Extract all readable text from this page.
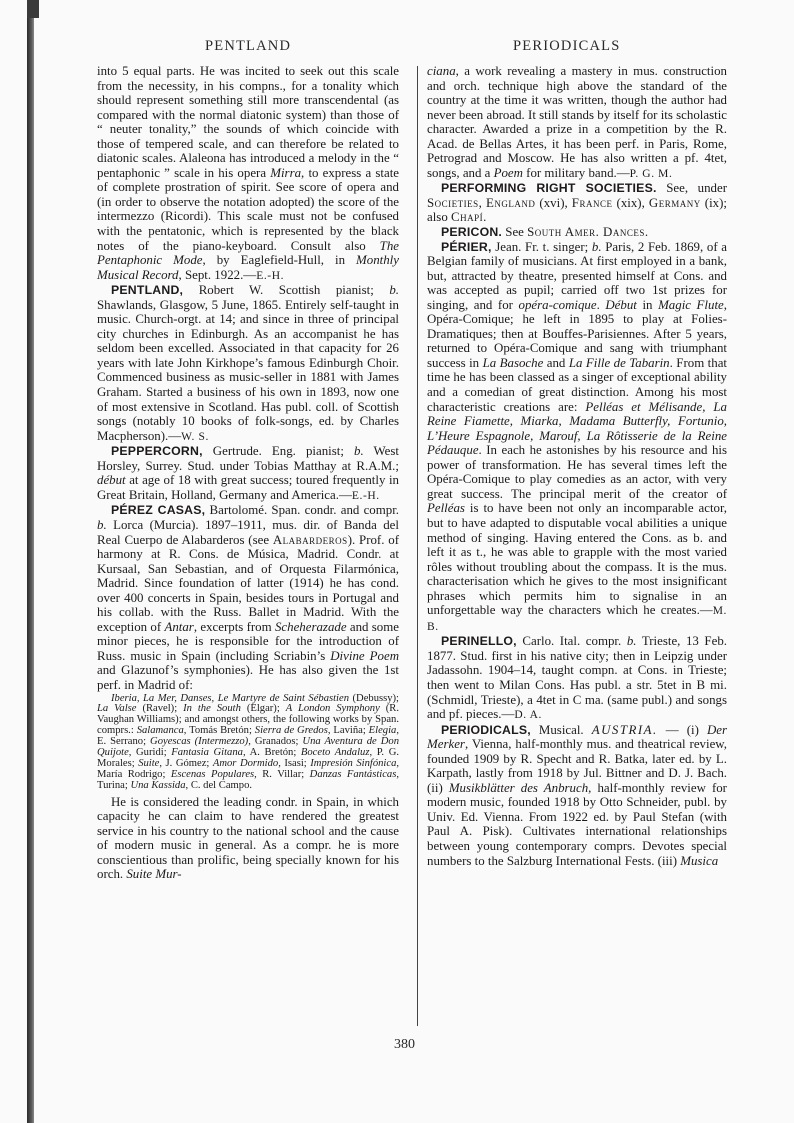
PENTLAND	PERIODICALS

into 5 equal parts. He was incited to seek out this scale from the necessity, in his compns., for a tonality which should represent something still more transcendental (as compared with the normal diatonic system) than those of “ neuter tonality,” the sounds of which coincide with those of tempered scale, and can therefore be related to diatonic scales. Alaleona has introduced a melody in the “ pentaphonic ” scale in his opera Mirra, to express a state of complete prostration of spirit. See score of opera and (in order to observe the notation adopted) the score of the intermezzo (Ricordi). This scale must not be confused with the pentatonic, which is represented by the black notes of the piano-keyboard. Consult also The Pentaphonic Mode, by Eaglefield-Hull, in Monthly Musical Record, Sept. 1922.—E.-H.

PENTLAND, Robert W. Scottish pianist; b. Shawlands, Glasgow, 5 June, 1865. Entirely self-taught in music. Church-orgt. at 14; and since in three of principal city churches in Edinburgh. As an accompanist he has seldom been excelled. Associated in that capacity for 26 years with late John Kirkhope’s famous Edinburgh Choir. Commenced business as music-seller in 1881 with James Graham. Started a business of his own in 1893, now one of most extensive in Scotland. Has publ. coll. of Scottish songs (notably 10 books of folk-songs, ed. by Charles Macpherson).—W. S.

PEPPERCORN, Gertrude. Eng. pianist; b. West Horsley, Surrey. Stud. under Tobias Matthay at R.A.M.; début at age of 18 with great success; toured frequently in Great Britain, Holland, Germany and America.—E.-H.

PÉREZ CASAS, Bartolomé. Span. condr. and compr. b. Lorca (Murcia). 1897–1911, mus. dir. of Banda del Real Cuerpo de Alabarderos (see Alabarderos). Prof. of harmony at R. Cons. de Música, Madrid. Condr. at Kursaal, San Sebastian, and of Orquesta Filarmónica, Madrid. Since foundation of latter (1914) he has cond. over 400 concerts in Spain, besides tours in Portugal and his collab. with the Russ. Ballet in Madrid. With the exception of Antar, excerpts from Scheherazade and some minor pieces, he is responsible for the introduction of Russ. music in Spain (including Scriabin’s Divine Poem and Glazunof’s symphonies). He has also given the 1st perf. in Madrid of:

Iberia, La Mer, Danses, Le Martyre de Saint Sébastien (Debussy); La Valse (Ravel); In the South (Elgar); A London Symphony (R. Vaughan Williams); and amongst others, the following works by Span. comprs.: Salamanca, Tomás Bretón; Sierra de Gredos, Laviña; Elegia, E. Serrano; Goyescas (Intermezzo), Granados; Una Aventura de Don Quijote, Guridi; Fantasia Gitana, A. Bretón; Boceto Andaluz, P. G. Morales; Suite, J. Gómez; Amor Dormido, Isasi; Impresión Sinfónica, María Rodrigo; Escenas Populares, R. Villar; Danzas Fantásticas, Turina; Una Kassida, C. del Campo.

He is considered the leading condr. in Spain, in which capacity he can claim to have rendered the greatest service in his country to the national school and the cause of modern music in general. As a compr. he is more conscientious than prolific, being specially known for his orch. Suite Mur-

ciana, a work revealing a mastery in mus. construction and orch. technique high above the standard of the country at the time it was written, though the author had never been abroad. It still stands by itself for its scholastic character. Awarded a prize in a competition by the R. Acad. de Bellas Artes, it has been perf. in Paris, Rome, Petrograd and Moscow. He has also written a pf. 4tet, songs, and a Poem for military band.—P. G. M.

PERFORMING RIGHT SOCIETIES. See, under Societies, England (xvi), France (xix), Germany (ix); also Chapí.

PERICON. See South Amer. Dances.

PÉRIER, Jean. Fr. t. singer; b. Paris, 2 Feb. 1869, of a Belgian family of musicians. At first employed in a bank, but, attracted by theatre, presented himself at Cons. and was accepted as pupil; carried off two 1st prizes for singing, and for opéra-comique. Début in Magic Flute, Opéra-Comique; he left in 1895 to play at Folies-Dramatiques; then at Bouffes-Parisiennes. After 5 years, returned to Opéra-Comique and sang with triumphant success in La Basoche and La Fille de Tabarin. From that time he has been classed as a singer of exceptional ability and a comedian of great distinction. Among his most characteristic creations are: Pelléas et Mélisande, La Reine Fiamette, Miarka, Madama Butterfly, Fortunio, L’Heure Espagnole, Marouf, La Rôtisserie de la Reine Pédauque. In each he astonishes by his resource and his power of transformation. He has several times left the Opéra-Comique to play comedies as an actor, with very great success. The principal merit of the creator of Pelléas is to have been not only an incomparable actor, but to have adapted to disputable vocal abilities a unique method of singing. Having entered the Cons. as b. and left it as t., he was able to grapple with the most varied rôles without troubling about the compass. It is the mus. characterisation which he gives to the most insignificant phrases which permits him to signalise in an unforgettable way the characters which he creates.—M. B.

PERINELLO, Carlo. Ital. compr. b. Trieste, 13 Feb. 1877. Stud. first in his native city; then in Leipzig under Jadassohn. 1904–14, taught compn. at Cons. in Trieste; then went to Milan Cons. Has publ. a str. 5tet in B mi. (Schmidl, Trieste), a 4tet in C ma. (same publ.) and songs and pf. pieces.—D. A.

PERIODICALS, Musical. AUSTRIA. — (i) Der Merker, Vienna, half-monthly mus. and theatrical review, founded 1909 by R. Specht and R. Batka, later ed. by L. Karpath, lastly from 1918 by Jul. Bittner and D. J. Bach. (ii) Musikblätter des Anbruch, half-monthly review for modern music, founded 1918 by Otto Schneider, publ. by Univ. Ed. Vienna. From 1922 ed. by Paul Stefan (with Paul A. Pisk). Cultivates international relationships between young contemporary comprs. Devotes special numbers to the Salzburg International Fests. (iii) Musica

380
